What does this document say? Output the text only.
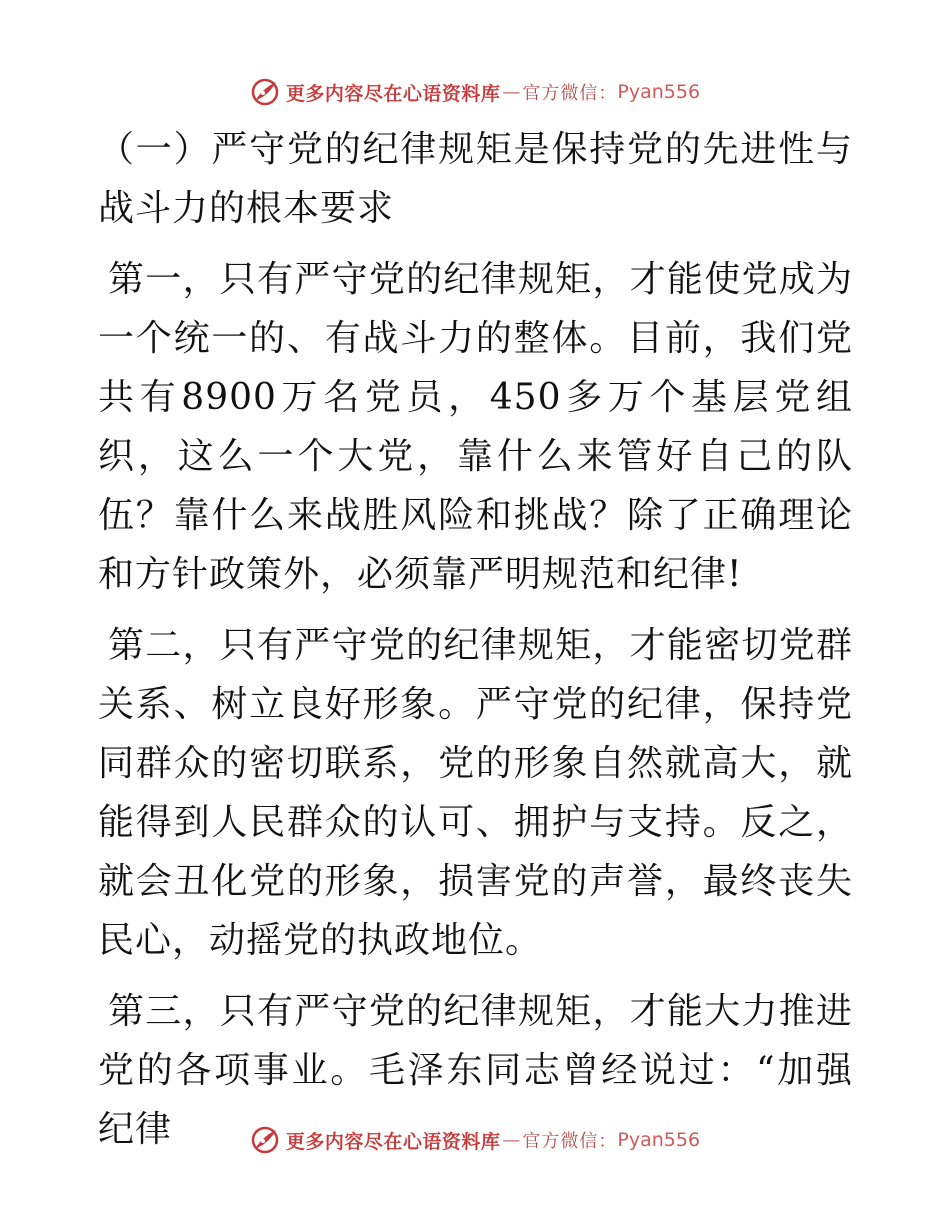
更多内容尽在心语资料库 — 官方微信： Pyan556

（一）严守党的纪律规矩是保持党的先进性与战斗力的根本要求

第一，只有严守党的纪律规矩，才能使党成为一个统一的、有战斗力的整体。目前，我们党共有8900万名党员，450多万个基层党组织，这么一个大党，靠什么来管好自己的队伍？靠什么来战胜风险和挑战？除了正确理论和方针政策外，必须靠严明规范和纪律!

第二，只有严守党的纪律规矩，才能密切党群关系、树立良好形象。严守党的纪律，保持党同群众的密切联系，党的形象自然就高大，就能得到人民群众的认可、拥护与支持。反之，就会丑化党的形象，损害党的声誉，最终丧失民心，动摇党的执政地位。

第三，只有严守党的纪律规矩，才能大力推进党的各项事业。毛泽东同志曾经说过：“加强纪律	更多内容尽在心语资料库 — 官方微信： Pyan556
